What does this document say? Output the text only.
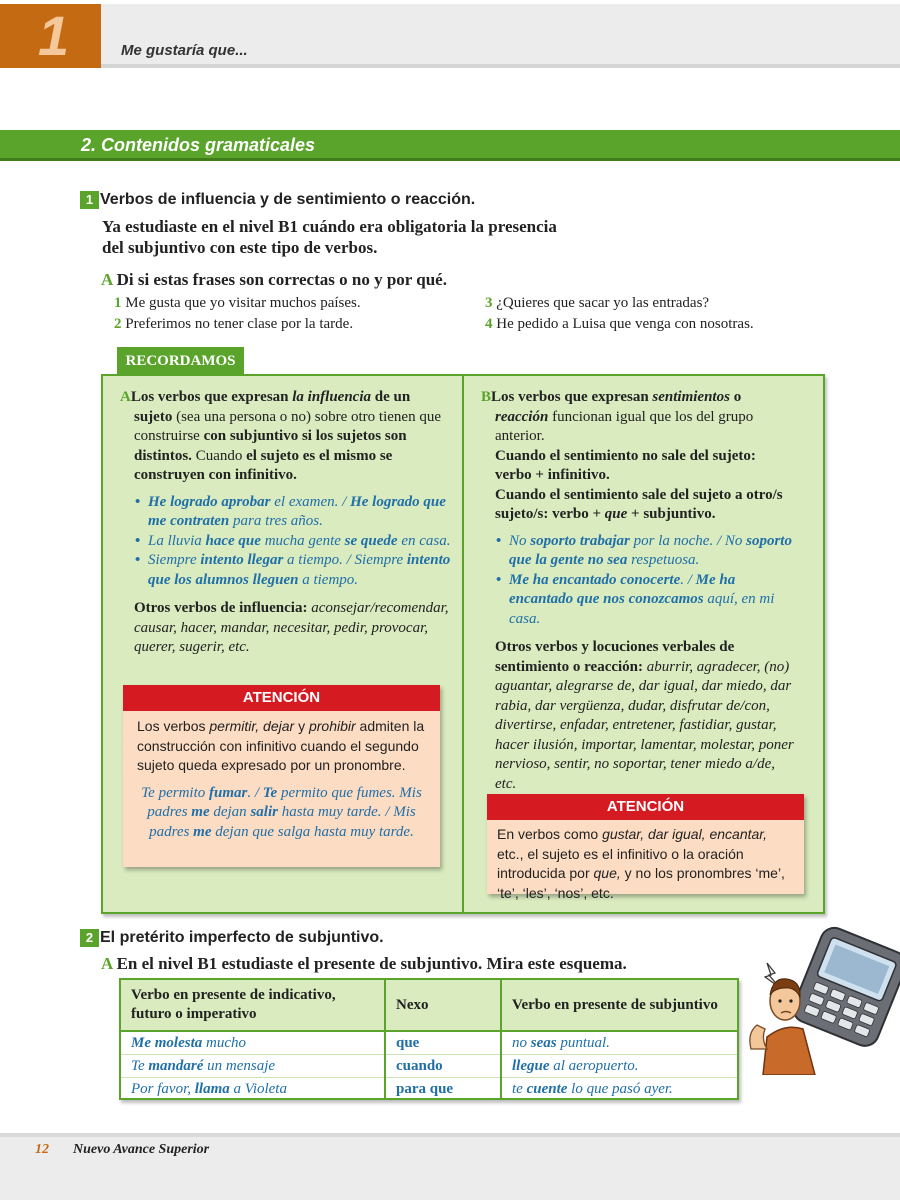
1	Me gustaría que...
2. Contenidos gramaticales
1 Verbos de influencia y de sentimiento o reacción.
Ya estudiaste en el nivel B1 cuándo era obligatoria la presencia
del subjuntivo con este tipo de verbos.
A Di si estas frases son correctas o no y por qué.
1 Me gusta que yo visitar muchos países.
2 Preferimos no tener clase por la tarde.
3 ¿Quieres que sacar yo las entradas?
4 He pedido a Luisa que venga con nosotras.
RECORDAMOS

ALos verbos que expresan la influencia de un sujeto (sea una persona o no) sobre otro tienen que construirse con subjuntivo si los sujetos son distintos. Cuando el sujeto es el mismo se construyen con infinitivo.

• He logrado aprobar el examen. / He logrado que me contraten para tres años.
• La lluvia hace que mucha gente se quede en casa.
• Siempre intento llegar a tiempo. / Siempre intento que los alumnos lleguen a tiempo.

Otros verbos de influencia: aconsejar/recomendar, causar, hacer, mandar, necesitar, pedir, provocar, querer, sugerir, etc.

ATENCIÓN
Los verbos permitir, dejar y prohibir admiten la construcción con infinitivo cuando el segundo sujeto queda expresado por un pronombre.
Te permito fumar. / Te permito que fumes. Mis padres me dejan salir hasta muy tarde. / Mis padres me dejan que salga hasta muy tarde.

BLos verbos que expresan sentimientos o reacción funcionan igual que los del grupo anterior.

Cuando el sentimiento no sale del sujeto: verbo + infinitivo.

Cuando el sentimiento sale del sujeto a otro/s sujeto/s: verbo + que + subjuntivo.

• No soporto trabajar por la noche. / No soporto que la gente no sea respetuosa.
• Me ha encantado conocerte. / Me ha encantado que nos conozcamos aquí, en mi casa.

Otros verbos y locuciones verbales de sentimiento o reacción: aburrir, agradecer, (no) aguantar, alegrarse de, dar igual, dar miedo, dar rabia, dar vergüenza, dudar, disfrutar de/con, divertirse, enfadar, entretener, fastidiar, gustar, hacer ilusión, importar, lamentar, molestar, poner nervioso, sentir, no soportar, tener miedo a/de, etc.

ATENCIÓN
En verbos como gustar, dar igual, encantar, etc., el sujeto es el infinitivo o la oración introducida por que, y no los pronombres ‘me’, ‘te’, ‘les’, ‘nos’, etc.
2 El pretérito imperfecto de subjuntivo.
A En el nivel B1 estudiaste el presente de subjuntivo. Mira este esquema.
Verbo en presente de indicativo, futuro o imperativo	Nexo	Verbo en presente de subjuntivo
Me molesta mucho	que	no seas puntual.
Te mandaré un mensaje	cuando	llegue al aeropuerto.
Por favor, llama a Violeta	para que	te cuente lo que pasó ayer.
12 Nuevo Avance Superior
